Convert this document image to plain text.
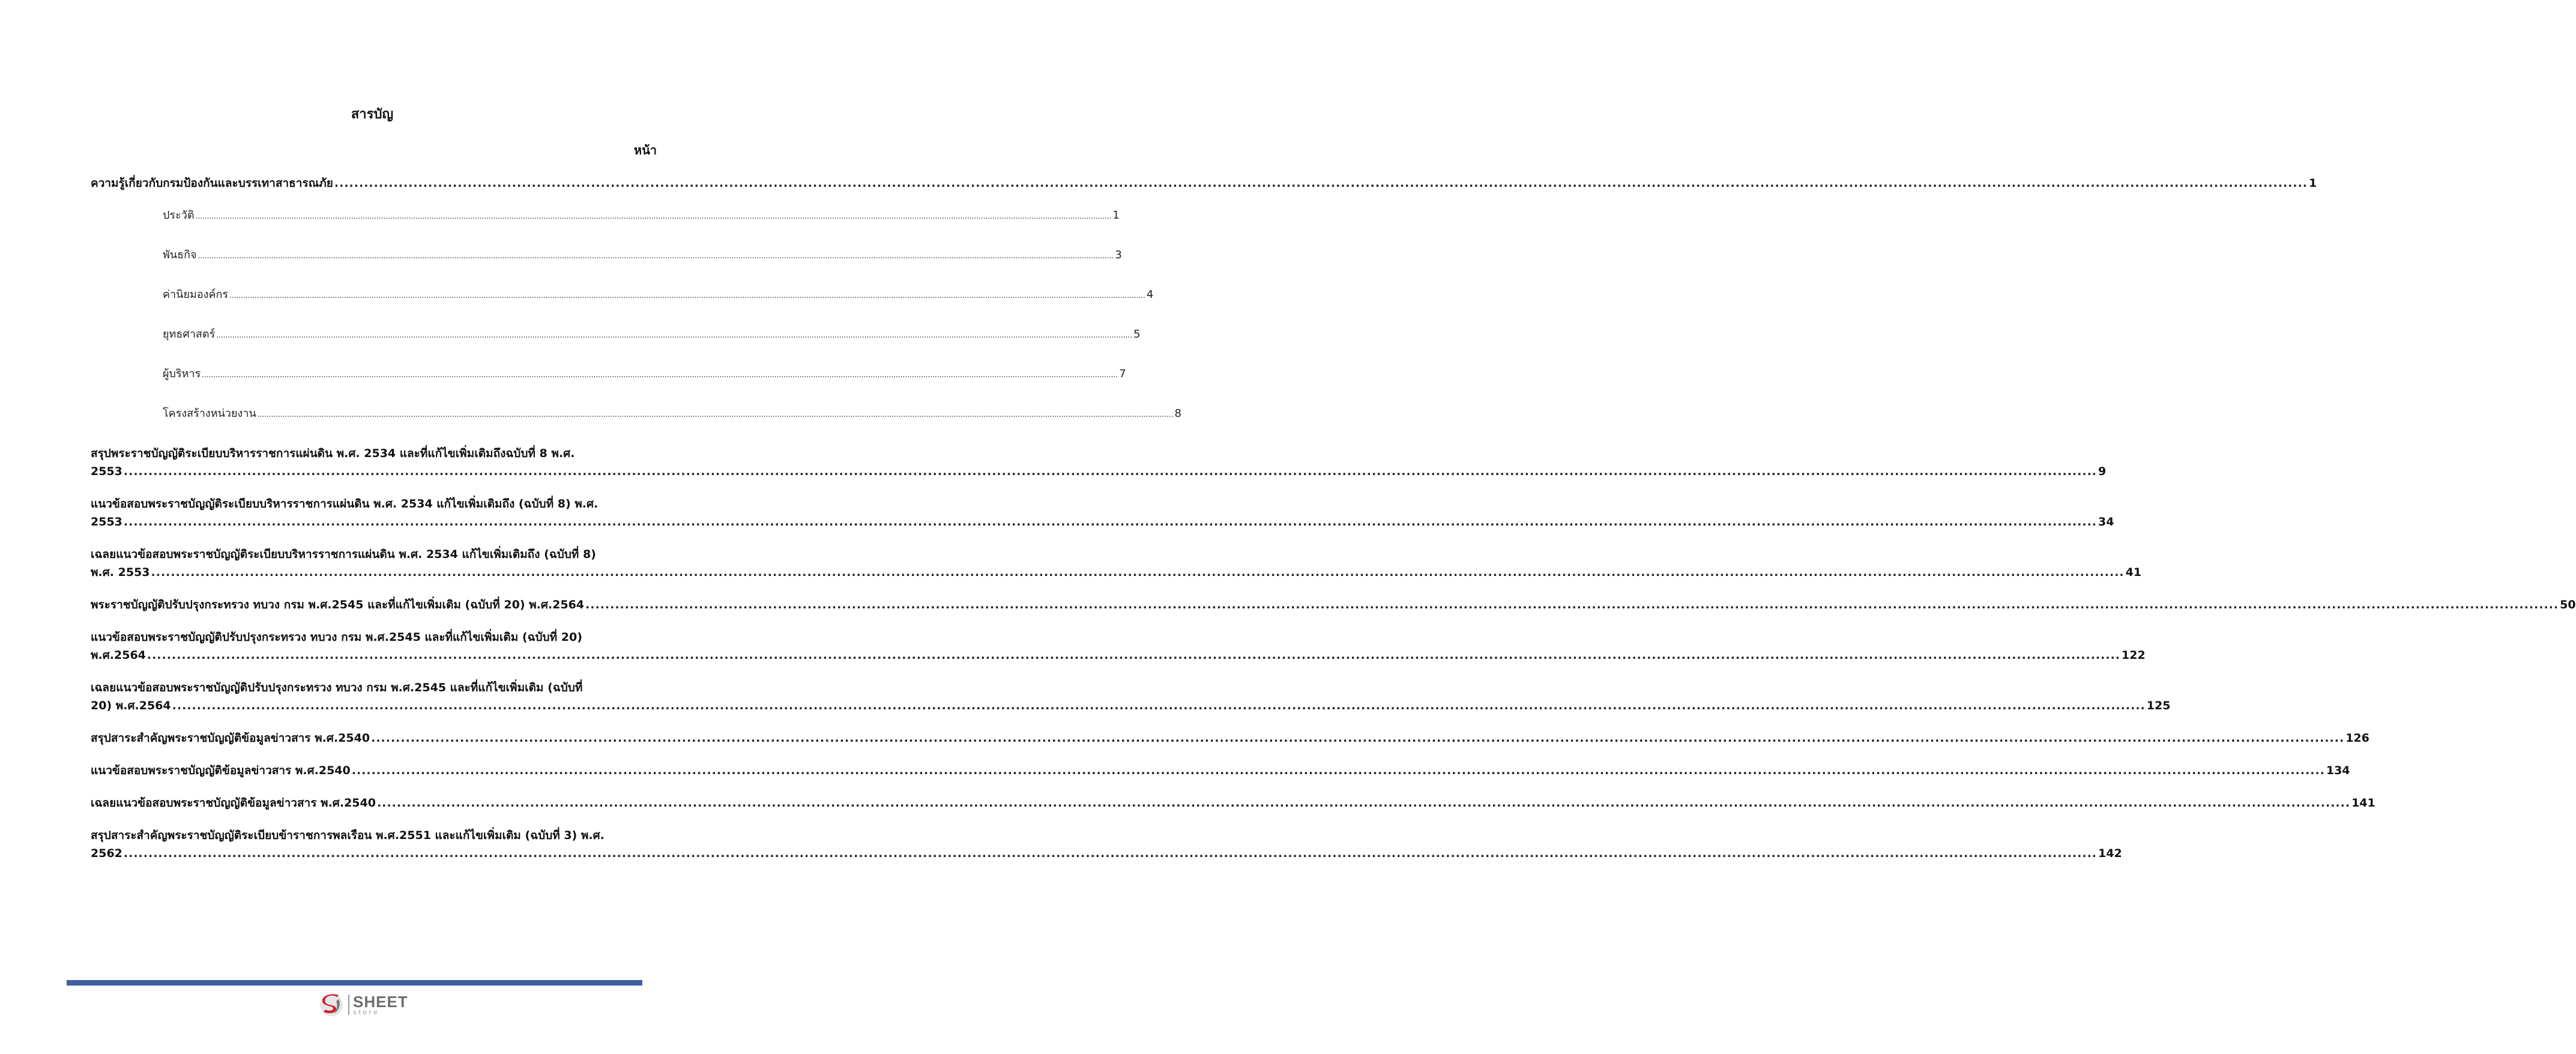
สารบัญ
หน้า
ความรู้เกี่ยวกับกรมป้องกันและบรรเทาสาธารณภัย ................................................................................................................................................................................................................................................................................................................................................................................................................ 1
ประวัติ ................................................................................................................................................................................................................................................................................................................................................................................................................ 1
พันธกิจ ................................................................................................................................................................................................................................................................................................................................................................................................................ 3
ค่านิยมองค์กร ................................................................................................................................................................................................................................................................................................................................................................................................................ 4
ยุทธศาสตร์ ................................................................................................................................................................................................................................................................................................................................................................................................................ 5
ผู้บริหาร ................................................................................................................................................................................................................................................................................................................................................................................................................ 7
โครงสร้างหน่วยงาน ................................................................................................................................................................................................................................................................................................................................................................................................................ 8
สรุปพระราชบัญญัติระเบียบบริหารราชการแผ่นดิน พ.ศ. 2534 และที่แก้ไขเพิ่มเติมถึงฉบับที่ 8 พ.ศ.
2553 ................................................................................................................................................................................................................................................................................................................................................................................................................ 9
แนวข้อสอบพระราชบัญญัติระเบียบบริหารราชการแผ่นดิน พ.ศ. 2534 แก้ไขเพิ่มเติมถึง (ฉบับที่ 8) พ.ศ.
2553 ................................................................................................................................................................................................................................................................................................................................................................................................................ 34
เฉลยแนวข้อสอบพระราชบัญญัติระเบียบบริหารราชการแผ่นดิน พ.ศ. 2534 แก้ไขเพิ่มเติมถึง (ฉบับที่ 8)
พ.ศ. 2553 ................................................................................................................................................................................................................................................................................................................................................................................................................ 41
พระราชบัญญัติปรับปรุงกระทรวง ทบวง กรม พ.ศ.2545 และที่แก้ไขเพิ่มเติม (ฉบับที่ 20) พ.ศ.2564 ................................................................................................................................................................................................................................................................................................................................................................................................................ 50
แนวข้อสอบพระราชบัญญัติปรับปรุงกระทรวง ทบวง กรม พ.ศ.2545 และที่แก้ไขเพิ่มเติม (ฉบับที่ 20)
พ.ศ.2564 ................................................................................................................................................................................................................................................................................................................................................................................................................ 122
เฉลยแนวข้อสอบพระราชบัญญัติปรับปรุงกระทรวง ทบวง กรม พ.ศ.2545 และที่แก้ไขเพิ่มเติม (ฉบับที่
20) พ.ศ.2564 ................................................................................................................................................................................................................................................................................................................................................................................................................ 125
สรุปสาระสำคัญพระราชบัญญัติข้อมูลข่าวสาร พ.ศ.2540 ................................................................................................................................................................................................................................................................................................................................................................................................................ 126
แนวข้อสอบพระราชบัญญัติข้อมูลข่าวสาร พ.ศ.2540 ................................................................................................................................................................................................................................................................................................................................................................................................................ 134
เฉลยแนวข้อสอบพระราชบัญญัติข้อมูลข่าวสาร พ.ศ.2540 ................................................................................................................................................................................................................................................................................................................................................................................................................ 141
สรุปสาระสำคัญพระราชบัญญัติระเบียบข้าราชการพลเรือน พ.ศ.2551 และแก้ไขเพิ่มเติม (ฉบับที่ 3) พ.ศ.
2562 ................................................................................................................................................................................................................................................................................................................................................................................................................ 142
SHEET
store
